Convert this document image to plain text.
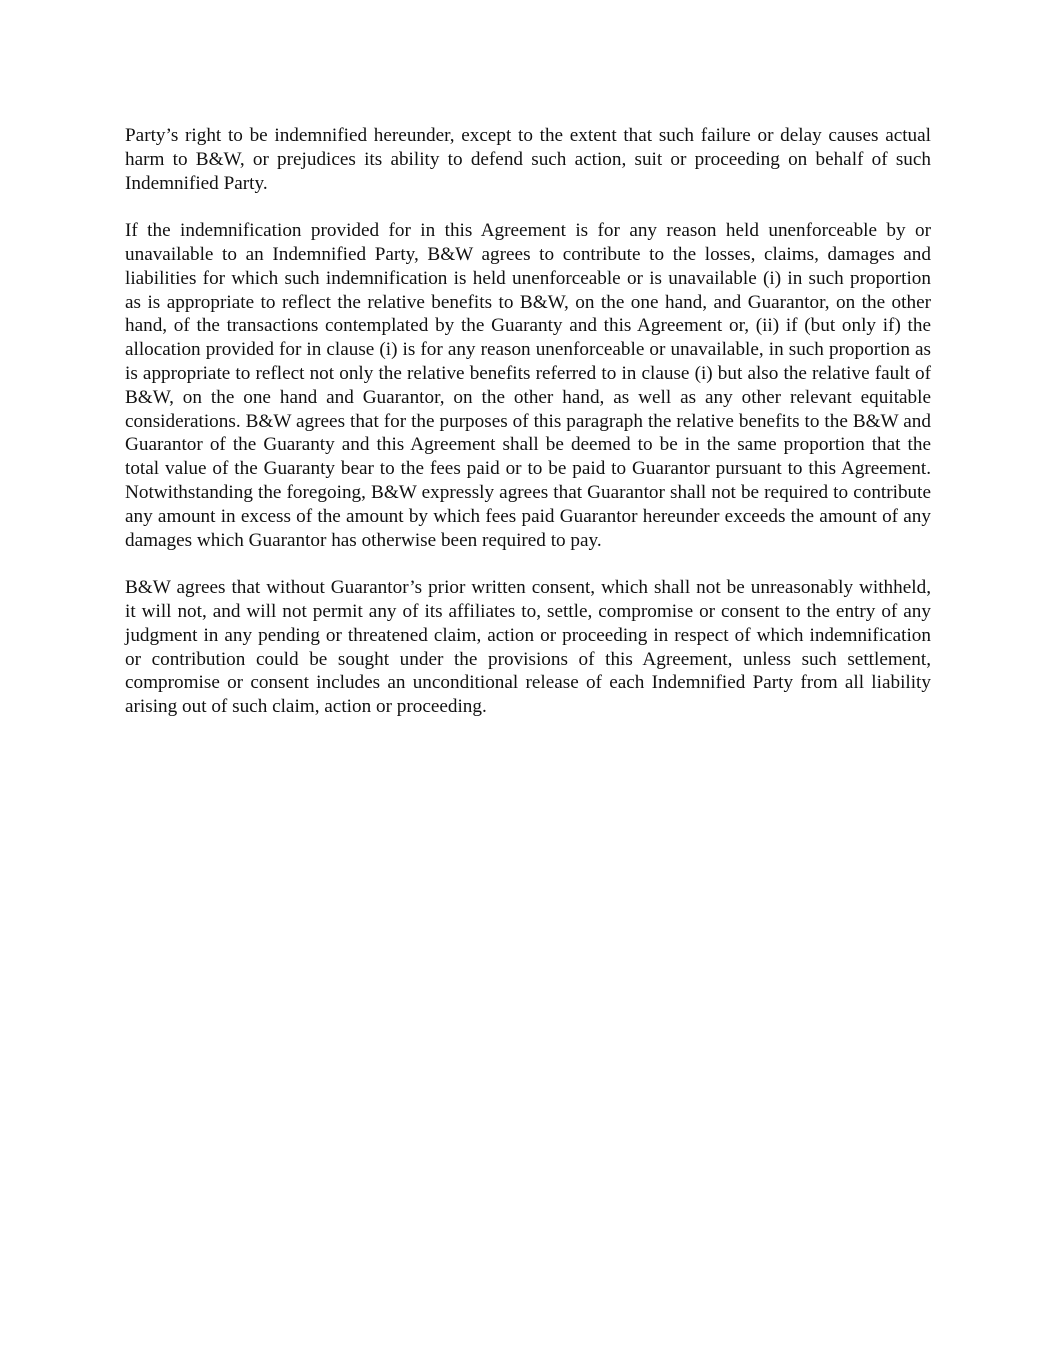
Party’s right to be indemnified hereunder, except to the extent that such failure or delay causes actual harm to B&W, or prejudices its ability to defend such action, suit or proceeding on behalf of such Indemnified Party.

If the indemnification provided for in this Agreement is for any reason held unenforceable by or unavailable to an Indemnified Party, B&W agrees to contribute to the losses, claims, damages and liabilities for which such indemnification is held unenforceable or is unavailable (i) in such proportion as is appropriate to reflect the relative benefits to B&W, on the one hand, and Guarantor, on the other hand, of the transactions contemplated by the Guaranty and this Agreement or, (ii) if (but only if) the allocation provided for in clause (i) is for any reason unenforceable or unavailable, in such proportion as is appropriate to reflect not only the relative benefits referred to in clause (i) but also the relative fault of B&W, on the one hand and Guarantor, on the other hand, as well as any other relevant equitable considerations. B&W agrees that for the purposes of this paragraph the relative benefits to the B&W and Guarantor of the Guaranty and this Agreement shall be deemed to be in the same proportion that the total value of the Guaranty bear to the fees paid or to be paid to Guarantor pursuant to this Agreement. Notwithstanding the foregoing, B&W expressly agrees that Guarantor shall not be required to contribute any amount in excess of the amount by which fees paid Guarantor hereunder exceeds the amount of any damages which Guarantor has otherwise been required to pay.

B&W agrees that without Guarantor’s prior written consent, which shall not be unreasonably withheld, it will not, and will not permit any of its affiliates to, settle, compromise or consent to the entry of any judgment in any pending or threatened claim, action or proceeding in respect of which indemnification or contribution could be sought under the provisions of this Agreement, unless such settlement, compromise or consent includes an unconditional release of each Indemnified Party from all liability arising out of such claim, action or proceeding.
